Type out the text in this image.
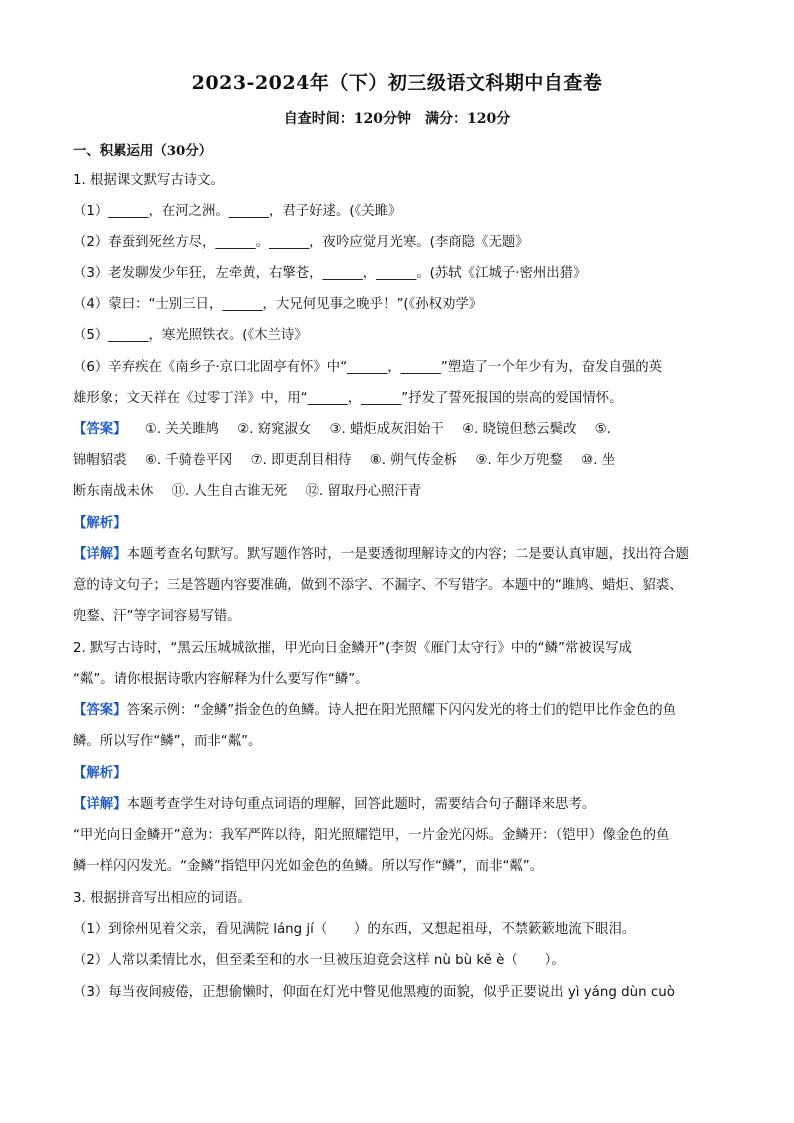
2023-2024年（下）初三级语文科期中自查卷
自查时间：120分钟　满分：120分
一、积累运用（30分）
1. 根据课文默写古诗文。
（1）______，在河之洲。______，君子好逑。(《关雎》
（2）春蚕到死丝方尽，______。______，夜吟应觉月光寒。(李商隐《无题》
（3）老发聊发少年狂，左牵黄，右擎苍，______，______。(苏轼《江城子·密州出猎》
（4）蒙曰：“士别三日，______，大兄何见事之晚乎！”(《孙权劝学》
（5）______，寒光照铁衣。(《木兰诗》
（6）辛弃疾在《南乡子·京口北固亭有怀》中“______，______”塑造了一个年少有为，奋发自强的英
雄形象；文天祥在《过零丁洋》中，用“______，______”抒发了誓死报国的崇高的爱国情怀。
【答案】 ①. 关关雎鸠 ②. 窈窕淑女 ③. 蜡炬成灰泪始干 ④. 晓镜但愁云鬓改 ⑤.
锦帽貂裘 ⑥. 千骑卷平冈 ⑦. 即更刮目相待 ⑧. 朔气传金柝 ⑨. 年少万兜鍪 ⑩. 坐
断东南战未休 ⑪. 人生自古谁无死 ⑫. 留取丹心照汗青
【解析】
【详解】本题考查名句默写。默写题作答时，一是要透彻理解诗文的内容；二是要认真审题，找出符合题
意的诗文句子；三是答题内容要准确，做到不添字、不漏字、不写错字。本题中的“雎鸠、蜡炬、貂裘、
兜鍪、汗”等字词容易写错。
2. 默写古诗时，“黑云压城城欲摧，甲光向日金鳞开”(李贺《雁门太守行》中的“鳞”常被误写成
“粼”。请你根据诗歌内容解释为什么要写作“鳞”。
【答案】答案示例：“金鳞”指金色的鱼鳞。诗人把在阳光照耀下闪闪发光的将士们的铠甲比作金色的鱼
鳞。所以写作“鳞”，而非“粼”。
【解析】
【详解】本题考查学生对诗句重点词语的理解，回答此题时，需要结合句子翻译来思考。
“甲光向日金鳞开”意为：我军严阵以待，阳光照耀铠甲，一片金光闪烁。金鳞开：（铠甲）像金色的鱼
鳞一样闪闪发光。“金鳞”指铠甲闪光如金色的鱼鳞。所以写作“鳞”，而非“粼”。
3. 根据拼音写出相应的词语。
（1）到徐州见着父亲，看见满院 láng jí（　　）的东西，又想起祖母，不禁簌簌地流下眼泪。
（2）人常以柔情比水，但至柔至和的水一旦被压迫竟会这样 nù bù kě è（　　）。
（3）每当夜间疲倦，正想偷懒时，仰面在灯光中瞥见他黑瘦的面貌，似乎正要说出 yì yáng dùn cuò
